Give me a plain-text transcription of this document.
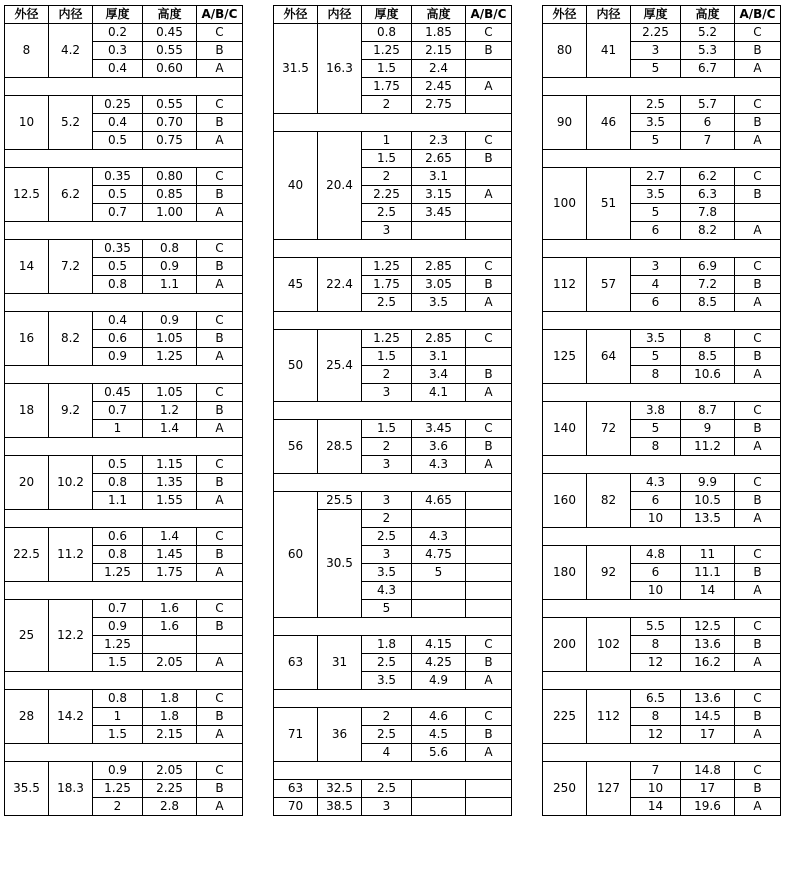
外径	内径	厚度	高度	A/B/C
8	4.2	0.2	0.45	C
		0.3	0.55	B
		0.4	0.60	A

10	5.2	0.25	0.55	C
		0.4	0.70	B
		0.5	0.75	A

12.5	6.2	0.35	0.80	C
		0.5	0.85	B
		0.7	1.00	A

14	7.2	0.35	0.8	C
		0.5	0.9	B
		0.8	1.1	A

16	8.2	0.4	0.9	C
		0.6	1.05	B
		0.9	1.25	A

18	9.2	0.45	1.05	C
		0.7	1.2	B
		1	1.4	A

20	10.2	0.5	1.15	C
		0.8	1.35	B
		1.1	1.55	A

22.5	11.2	0.6	1.4	C
		0.8	1.45	B
		1.25	1.75	A

25	12.2	0.7	1.6	C
		0.9	1.6	B
		1.25		
		1.5	2.05	A

28	14.2	0.8	1.8	C
		1	1.8	B
		1.5	2.15	A

35.5	18.3	0.9	2.05	C
		1.25	2.25	B
		2	2.8	A
外径	内径	厚度	高度	A/B/C
31.5	16.3	0.8	1.85	C
		1.25	2.15	B
		1.5	2.4	
		1.75	2.45	A
		2	2.75	

40	20.4	1	2.3	C
		1.5	2.65	B
		2	3.1	
		2.25	3.15	A
		2.5	3.45	
		3		

45	22.4	1.25	2.85	C
		1.75	3.05	B
		2.5	3.5	A

50	25.4	1.25	2.85	C
		1.5	3.1	
		2	3.4	B
		3	4.1	A

56	28.5	1.5	3.45	C
		2	3.6	B
		3	4.3	A

60	25.5	3	4.65	
	30.5	2		
		2.5	4.3	
		3	4.75	
		3.5	5	
		4.3		
		5		

63	31	1.8	4.15	C
		2.5	4.25	B
		3.5	4.9	A

71	36	2	4.6	C
		2.5	4.5	B
		4	5.6	A

63	32.5	2.5		
70	38.5	3		
外径	内径	厚度	高度	A/B/C
80	41	2.25	5.2	C
		3	5.3	B
		5	6.7	A

90	46	2.5	5.7	C
		3.5	6	B
		5	7	A

100	51	2.7	6.2	C
		3.5	6.3	B
		5	7.8	
		6	8.2	A

112	57	3	6.9	C
		4	7.2	B
		6	8.5	A

125	64	3.5	8	C
		5	8.5	B
		8	10.6	A

140	72	3.8	8.7	C
		5	9	B
		8	11.2	A

160	82	4.3	9.9	C
		6	10.5	B
		10	13.5	A

180	92	4.8	11	C
		6	11.1	B
		10	14	A

200	102	5.5	12.5	C
		8	13.6	B
		12	16.2	A

225	112	6.5	13.6	C
		8	14.5	B
		12	17	A

250	127	7	14.8	C
		10	17	B
		14	19.6	A
